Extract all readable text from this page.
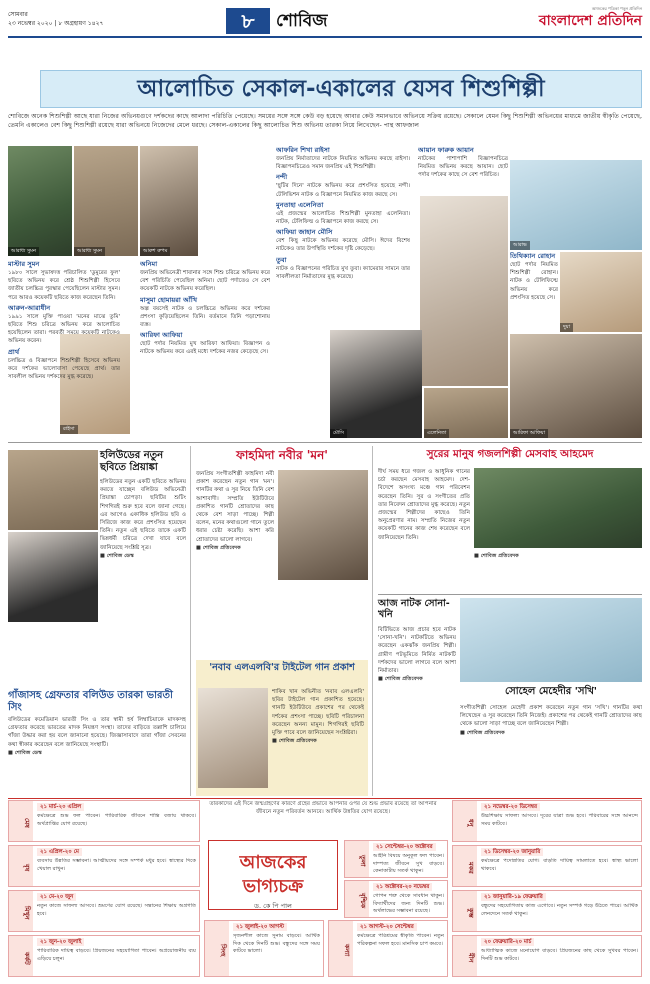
সোমবার
২৩ নভেম্বর ২০২০ | ৮ অগ্রহায়ণ ১৪২৭	৮	শোবিজ
আজকের পত্রিকা পড়ুন প্রতিদিন
বাংলাদেশ প্রতিদিন
আলোচিত সেকাল-একালের যেসব শিশুশিল্পী
শোবিজে অনেক শিশুশিল্পী আছে যারা নিজের অভিনয়গুণে দর্শকদের কাছে আলাদা পরিচিতি পেয়েছে। সময়ের সঙ্গে সঙ্গে কেউ বড় হয়েছে আবার কেউ সমানভাবে অভিনয়ে সক্রিয় রয়েছে। সেকালে যেমন কিছু শিশুশিল্পী অভিনয়ের মাধ্যমে জাতীয় স্বীকৃতি পেয়েছে, তেমনি একালেও বেশ কিছু শিশুশিল্পী রয়েছে যারা অভিনয়ে নিজেদের মেলে ধরছে। সেকাল-একালের কিছু আলোচিত শিশু অভিনয় তারকা নিয়ে লিখেছেন- পান্থ আফজাল
আরাধ্য সুমন	আরাধ্য সুমন	আরুশ রুপম
রাইসা
আরাভ
দুয়া
মৌসি	এলেনিতা	আরিফা আফিয়া

মাস্টার সুমন
১৯৮০ সালে সুভাষদত্ত পরিচালিত 'ডুমুরের ফুল' ছবিতে অভিনয় করে শ্রেষ্ঠ শিশুশিল্পী হিসেবে জাতীয় চলচ্চিত্র পুরস্কার পেয়েছিলেন মাস্টার সুমন। পরে আরও কয়েকটি ছবিতে কাজ করেছেন তিনি।

আরুন-আরাধীন
১৯৯১ সালে মুক্তি পাওয়া 'মনের মাঝে তুমি' ছবিতে শিশু চরিত্রে অভিনয় করে আলোচিত হয়েছিলেন তারা। পরবর্তী সময়ে কয়েকটি নাটকেও অভিনয় করেন।

প্রার্থ
চলচ্চিত্র ও বিজ্ঞাপনে শিশুশিল্পী হিসেবে অভিনয় করে দর্শকের ভালোবাসা পেয়েছে প্রার্থ। তার সাবলীল অভিনয় দর্শকদের মুগ্ধ করেছে।

অনিমা
জনপ্রিয় অভিনেত্রী শাবানার সঙ্গে শিশু চরিত্রে অভিনয় করে বেশ পরিচিতি পেয়েছিল অনিমা। ছোট পর্দাতেও সে বেশ কয়েকটি নাটকে অভিনয় করেছিল।

মাসুমা হোমায়রা আঁখি
অল্প বয়সেই নাটক ও চলচ্চিত্রে অভিনয় করে দর্শকের প্রশংসা কুড়িয়েছিলেন তিনি। বর্তমানে তিনি পড়াশোনায় ব্যস্ত।

আরিফা আফিয়া
ছোট পর্দার নিয়মিত মুখ আরিফা আফিয়া। বিজ্ঞাপন ও নাটকে অভিনয় করে এরই মধ্যে দর্শকের নজর কেড়েছে সে।

আফরিন শিখা রাইসা
জনপ্রিয় নির্মাতাদের নাটকে নিয়মিত অভিনয় করছে রাইসা। বিজ্ঞাপনচিত্রেও সমান জনপ্রিয় এই শিশুশিল্পী।

নন্দী
'ছুটির দিনে' নাটকে অভিনয় করে প্রশংসিত হয়েছে নন্দী। টেলিভিশন নাটক ও বিজ্ঞাপনে নিয়মিত কাজ করছে সে।

মুনতাহা এলেনিতা
এই প্রজন্মের আলোচিত শিশুশিল্পী মুনতাহা এলেনিতা। নাটক, টেলিফিল্ম ও বিজ্ঞাপনে কাজ করছে সে।

আফিয়া জাহান মৌসি
বেশ কিছু নাটকে অভিনয় করেছে মৌসি। ঈদের বিশেষ নাটকেও তার উপস্থিতি দর্শকের দৃষ্টি কেড়েছে।

তুবা
নাটক ও বিজ্ঞাপনের পরিচিত মুখ তুবা। ক্যামেরার সামনে তার সাবলীলতা নির্মাতাদের মুগ্ধ করেছে।

আয়ান ফারুক আয়ান
নাটকের পাশাপাশি বিজ্ঞাপনচিত্রে নিয়মিত অভিনয় করছে আয়ান। ছোট পর্দার দর্শকের কাছে সে বেশ পরিচিত।

তিথিক্যান রোহান
ছোট পর্দার নিয়মিত শিশুশিল্পী রোহান। নাটক ও টেলিফিল্মে অভিনয় করে প্রশংসিত হয়েছে সে।

হলিউডের নতুন ছবিতে প্রিয়াঙ্কা
হলিউডের নতুন একটি ছবিতে অভিনয় করতে যাচ্ছেন বলিউড অভিনেত্রী প্রিয়াঙ্কা চোপড়া। ছবিটির শুটিং শিগগিরই শুরু হবে বলে জানা গেছে। এর আগেও একাধিক হলিউড ছবি ও সিরিজে কাজ করে প্রশংসিত হয়েছেন তিনি। নতুন এই ছবিতে তাকে একটি ভিন্নধর্মী চরিত্রে দেখা যাবে বলে জানিয়েছে সংশ্লিষ্ট সূত্র।
■ শোবিজ ডেস্ক
গাঁজাসহ গ্রেফতার বলিউড তারকা ভারতী সিং
বলিউডের কমেডিয়ান ভারতী সিং ও তার স্বামী হর্ষ লিম্বাচিয়াকে মাদকসহ গ্রেফতার করেছে ভারতের মাদক নিয়ন্ত্রণ সংস্থা। তাদের বাড়িতে তল্লাশি চালিয়ে গাঁজা উদ্ধার করা হয় বলে জানানো হয়েছে। জিজ্ঞাসাবাদে তারা গাঁজা সেবনের কথা স্বীকার করেছেন বলে জানিয়েছে সংস্থাটি।
■ শোবিজ ডেস্ক
ফাহমিদা নবীর 'মন'
জনপ্রিয় সংগীতশিল্পী ফাহমিদা নবী প্রকাশ করেছেন নতুন গান 'মন'। গানটির কথা ও সুর নিয়ে তিনি বেশ আশাবাদী। সম্প্রতি ইউটিউবে প্রকাশিত গানটি শ্রোতাদের কাছ থেকে বেশ সাড়া পাচ্ছে। শিল্পী বলেন, মনের কথাগুলো গানে তুলে ধরার চেষ্টা করেছি। আশা করি শ্রোতাদের ভালো লাগবে।
■ শোবিজ প্রতিবেদক
'নবাব এলএলবি'র টাইটেল গান প্রকাশ
শাকিব খান অভিনীত 'নবাব এলএলবি' ছবির টাইটেল গান প্রকাশিত হয়েছে। গানটি ইউটিউবে প্রকাশের পর থেকেই দর্শকের প্রশংসা পাচ্ছে। ছবিটি পরিচালনা করেছেন অনন্য মামুন। শিগগিরই ছবিটি মুক্তি পাবে বলে জানিয়েছেন সংশ্লিষ্টরা।
■ শোবিজ প্রতিবেদক
সুরের মানুষ গজলশিল্পী মেসবাহ আহমেদ
দীর্ঘ সময় ধরে গজল ও আধুনিক গানের চর্চা করছেন মেসবাহ আহমেদ। দেশ-বিদেশে অসংখ্য মঞ্চে গান পরিবেশন করেছেন তিনি। সুর ও সংগীতের প্রতি তার নিবেদন শ্রোতাদের মুগ্ধ করেছে। নতুন প্রজন্মের শিল্পীদের কাছেও তিনি অনুপ্রেরণার নাম। সম্প্রতি নিজের নতুন কয়েকটি গানের কাজ শেষ করেছেন বলে জানিয়েছেন তিনি।
■ শোবিজ প্রতিবেদক
আজ নাটক সোনা-খনি
বিটিভিতে আজ প্রচার হবে নাটক 'সোনা-খনি'। নাটকটিতে অভিনয় করেছেন একঝাঁক জনপ্রিয় শিল্পী। গ্রামীণ পটভূমিতে নির্মিত নাটকটি দর্শকদের ভালো লাগবে বলে আশা নির্মাতার।
■ শোবিজ প্রতিবেদক
সোহেল মেহেদীর 'সখি'
সংগীতশিল্পী সোহেল মেহেদী প্রকাশ করেছেন নতুন গান 'সখি'। গানটির কথা লিখেছেন ও সুর করেছেন তিনি নিজেই। প্রকাশের পর থেকেই গানটি শ্রোতাদের কাছ থেকে ভালো সাড়া পাচ্ছে বলে জানিয়েছেন শিল্পী।
■ শোবিজ প্রতিবেদক
তারকাদের এই দিনে জন্মগ্রহণের কারণে গ্রহের প্রভাবে আপনার ওপর যে শুভ প্রভাব রয়েছে তা আপনার জীবনে নতুন পরিবর্তন আনবে। আর্থিক উন্নতির যোগ রয়েছে।
মেষ
২১ মার্চ-২০ এপ্রিল
কর্মক্ষেত্রে শুভ ফল পাবেন। পারিবারিক জীবনে শান্তি বজায় থাকবে। অর্থপ্রাপ্তির যোগ রয়েছে।
বৃষ
২১ এপ্রিল-২০ মে
ব্যবসায় উন্নতির সম্ভাবনা। আত্মীয়দের সঙ্গে সম্পর্ক মধুর হবে। স্বাস্থ্যের দিকে খেয়াল রাখুন।
মিথুন
২১ মে-২০ জুন
নতুন কাজে সাফল্য আসবে। ভ্রমণের যোগ রয়েছে। সন্তানের শিক্ষায় অগ্রগতি হবে।
কর্কট
২১ জুন-২০ জুলাই
পারিবারিক দায়িত্ব বাড়বে। প্রিয়জনের সহযোগিতা পাবেন। অপ্রয়োজনীয় ব্যয় এড়িয়ে চলুন।
সিংহ
২১ জুলাই-২০ আগস্ট
সৃজনশীল কাজে সুনাম বাড়বে। আর্থিক দিক থেকে দিনটি শুভ। বন্ধুদের সঙ্গে সময় কাটবে ভালো।	কন্যা
২১ আগস্ট-২০ সেপ্টেম্বর
কর্মক্ষেত্রে পরিশ্রমের স্বীকৃতি পাবেন। নতুন পরিকল্পনা সফল হবে। মানসিক চাপ কমবে।
ধনু
২১ নভেম্বর-২০ ডিসেম্বর
উচ্চশিক্ষায় সাফল্য আসবে। দূরের যাত্রা শুভ হবে। পরিবারের সঙ্গে আনন্দে সময় কাটবে।
মকর
২১ ডিসেম্বর-২০ জানুয়ারি
কর্মক্ষেত্রে পদোন্নতির যোগ। বাড়তি দায়িত্ব সামলাতে হবে। স্বাস্থ্য ভালো থাকবে।
কুম্ভ
২১ জানুয়ারি-১৯ ফেব্রুয়ারি
বন্ধুদের সহযোগিতায় কাজ এগোবে। নতুন সম্পর্ক গড়ে উঠতে পারে। আর্থিক লেনদেনে সতর্ক থাকুন।
মীন
২০ ফেব্রুয়ারি-২০ মার্চ
আধ্যাত্মিক কাজে মনোযোগ বাড়বে। প্রিয়জনের কাছ থেকে সুখবর পাবেন। দিনটি শুভ কাটবে।
তুলা
২১ সেপ্টেম্বর-২০ অক্টোবর
আইনি বিষয়ে অনুকূল ফল পাবেন। দাম্পত্য জীবনে সুখ বাড়বে। কেনাকাটায় সতর্ক থাকুন।
বৃশ্চিক
২১ অক্টোবর-২০ নভেম্বর
গোপন শত্রু থেকে সাবধান থাকুন। বিদ্যার্থীদের জন্য দিনটি শুভ। অর্থলাভের সম্ভাবনা রয়েছে।
আজকের ভাগ্যচক্র
ড. কে পি পাল
